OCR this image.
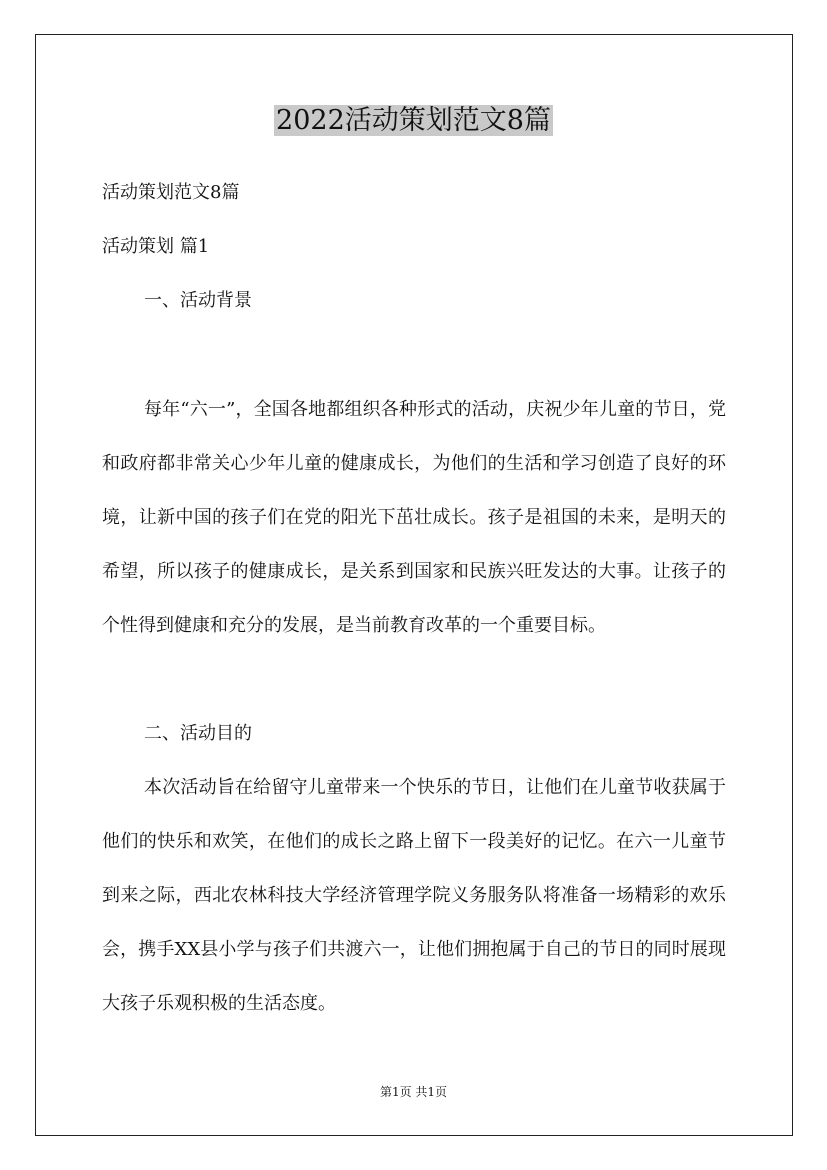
2022活动策划范文8篇
活动策划范文8篇
活动策划 篇1
一、活动背景

每年“六一”，全国各地都组织各种形式的活动，庆祝少年儿童的节日，党和政府都非常关心少年儿童的健康成长，为他们的生活和学习创造了良好的环境，让新中国的孩子们在党的阳光下茁壮成长。孩子是祖国的未来，是明天的希望，所以孩子的健康成长，是关系到国家和民族兴旺发达的大事。让孩子的个性得到健康和充分的发展，是当前教育改革的一个重要目标。

二、活动目的

本次活动旨在给留守儿童带来一个快乐的节日，让他们在儿童节收获属于他们的快乐和欢笑，在他们的成长之路上留下一段美好的记忆。在六一儿童节到来之际，西北农林科技大学经济管理学院义务服务队将准备一场精彩的欢乐会，携手XX县小学与孩子们共渡六一，让他们拥抱属于自己的节日的同时展现大孩子乐观积极的生活态度。

第1页 共1页
